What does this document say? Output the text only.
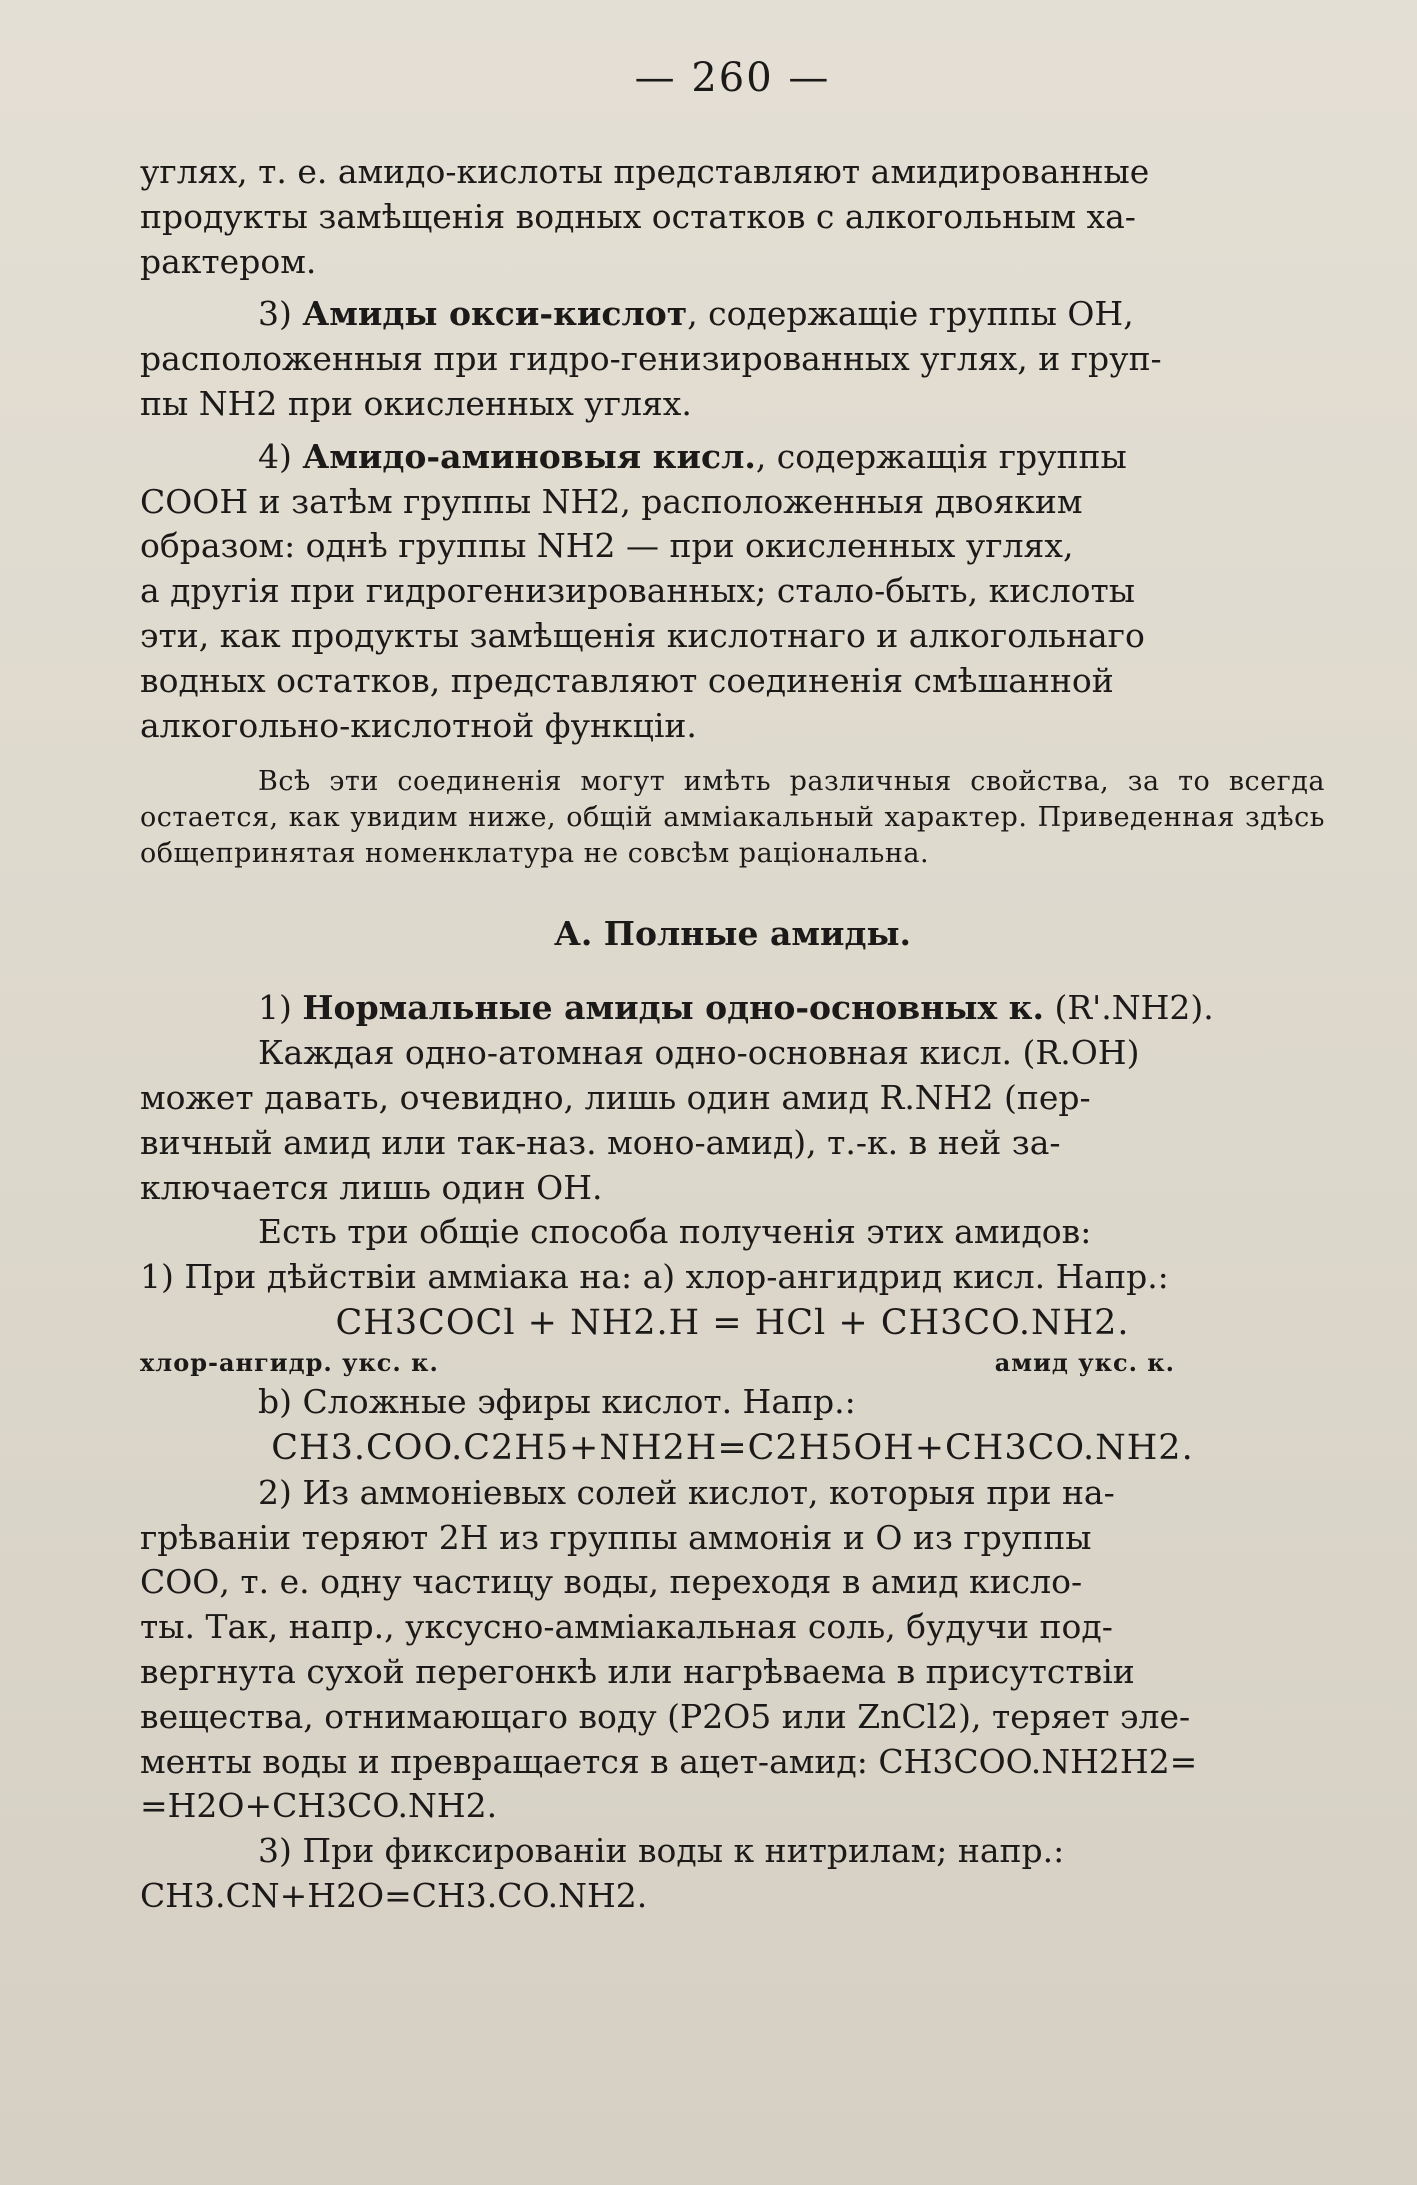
— 260 —

углях, т. е. амидо-кислоты представляют амидированные

продукты замѣщенія водных остатков с алкогольным ха-

рактером.

3) Амиды окси-кислот, содержащіе группы ОН,

расположенныя при гидро-генизированных углях, и груп-

пы NH2 при окисленных углях.

4) Амидо-аминовыя кисл., содержащія группы

СООН и затѣм группы NH2, расположенныя двояким

образом: однѣ группы NH2 — при окисленных углях,

а другія при гидрогенизированных; стало-быть, кислоты

эти, как продукты замѣщенія кислотнаго и алкогольнаго

водных остатков, представляют соединенія смѣшанной

алкогольно-кислотной функціи.

Всѣ эти соединенія могут имѣть различныя свойства, за то всегда остается, как увидим ниже, общій амміакальный характер. Приведенная здѣсь общепринятая номенклатура не совсѣм раціональна.

А. Полные амиды.

1) Нормальные амиды одно-основных к. (R'.NH2).

Каждая одно-атомная одно-основная кисл. (R.OH)

может давать, очевидно, лишь один амид R.NH2 (пер-

вичный амид или так-наз. моно-амид), т.-к. в ней за-

ключается лишь один ОН.

Есть три общіе способа полученія этих амидов:

1) При дѣйствіи амміака на: a) хлор-ангидрид кисл. Напр.:

CH3COCl + NH2.H = HCl + CH3CO.NH2.
хлор-ангидр. укс. к.	амид укс. к.

b) Сложные эфиры кислот. Напр.:

CH3.COO.C2H5+NH2H=C2H5OH+CH3CO.NH2.

2) Из аммоніевых солей кислот, которыя при на-

грѣваніи теряют 2Н из группы аммонія и О из группы

СОО, т. е. одну частицу воды, переходя в амид кисло-

ты. Так, напр., уксусно-амміакальная соль, будучи под-

вергнута сухой перегонкѣ или нагрѣваема в присутствіи

вещества, отнимающаго воду (P2O5 или ZnCl2), теряет эле-

менты воды и превращается в ацет-амид: CH3COO.NH2H2=

=H2O+CH3CO.NH2.

3) При фиксированіи воды к нитрилам; напр.:

CH3.CN+H2O=CH3.CO.NH2.
